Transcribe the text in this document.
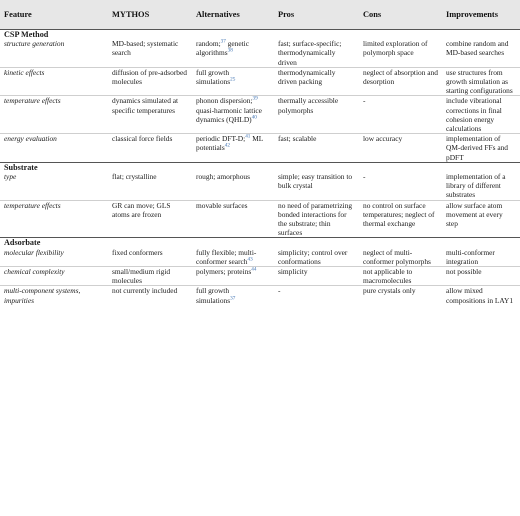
Feature	MYTHOS	Alternatives	Pros	Cons	Improvements
CSP Method					
structure generation	MD-based; systematic search	random;$^{37}$ genetic algorithms$^{38}$	fast; surface-specific; thermodynamically driven	limited exploration of polymorph space	combine random and MD-based searches
kinetic effects	diffusion of pre-adsorbed molecules	full growth simulations$^{25}$	thermodynamically driven packing	neglect of absorption and desorption	use structures from growth simulation as starting configurations
temperature effects	dynamics simulated at specific temperatures	phonon dispersion;$^{39}$ quasi-harmonic lattice dynamics (QHLD)$^{40}$	thermally accessible polymorphs	-	include vibrational corrections in final cohesion energy calculations
energy evaluation	classical force fields	periodic DFT-D;$^{41}$ ML potentials$^{42}$	fast; scalable	low accuracy	implementation of QM-derived FFs and pDFT
Substrate					
type	flat; crystalline	rough; amorphous	simple; easy transition to bulk crystal	-	implementation of a library of different substrates
temperature effects	GR can move; GLS atoms are frozen	movable surfaces	no need of parametrizing bonded interactions for the substrate; thin surfaces	no control on surface temperatures; neglect of thermal exchange	allow surface atom movement at every step
Adsorbate					
molecular flexibility	fixed conformers	fully flexible; multi-conformer search$^{43}$	simplicity; control over conformations	neglect of multi-conformer polymorphs	multi-conformer integration
chemical complexity	small/medium rigid molecules	polymers; proteins$^{44}$	simplicity	not applicable to macromolecules	not possible
multi-component systems, impurities	not currently included	full growth simulations$^{37}$	-	pure crystals only	allow mixed compositions in LAY1
